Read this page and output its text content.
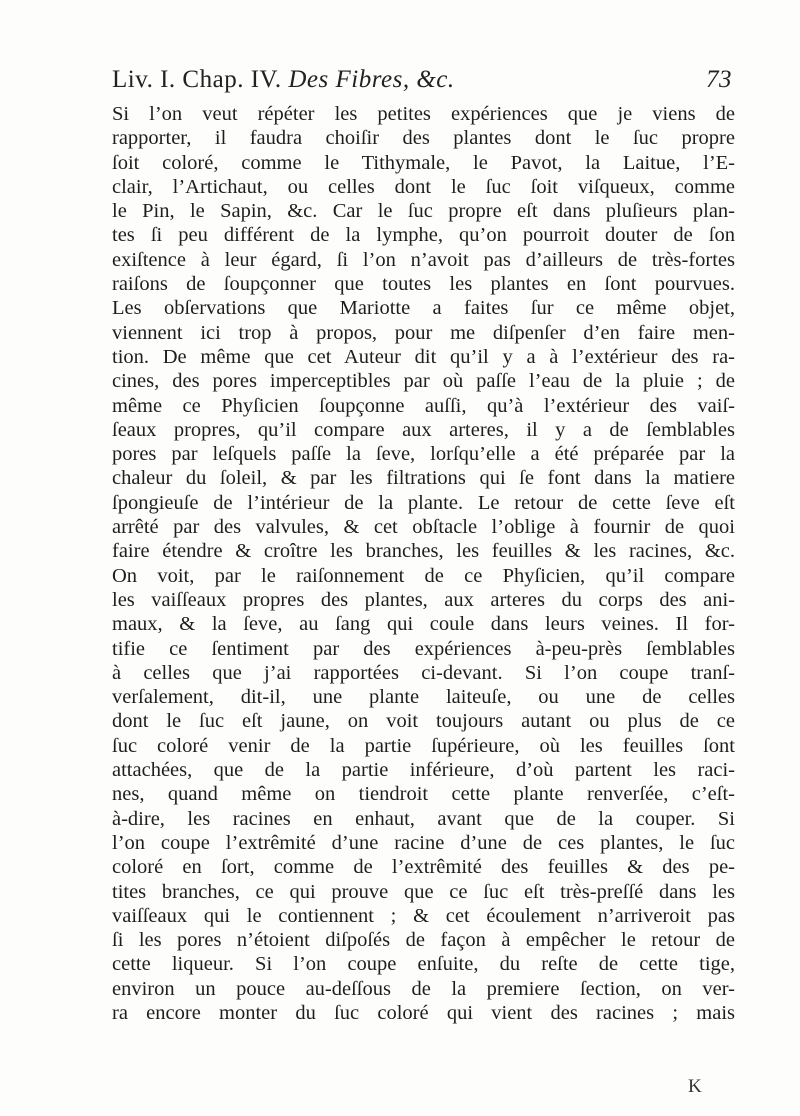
Liv. I. Chap. IV. Des Fibres, &c.	73
Si l’on veut répéter les petites expériences que je viens de
rapporter, il faudra choiſir des plantes dont le ſuc propre
ſoit coloré, comme le Tithymale, le Pavot, la Laitue, l’E-
clair, l’Artichaut, ou celles dont le ſuc ſoit viſqueux, comme
le Pin, le Sapin, &c. Car le ſuc propre eſt dans pluſieurs plan-
tes ſi peu différent de la lymphe, qu’on pourroit douter de ſon
exiſtence à leur égard, ſi l’on n’avoit pas d’ailleurs de très-fortes
raiſons de ſoupçonner que toutes les plantes en ſont pourvues.
Les obſervations que Mariotte a faites ſur ce même objet,
viennent ici trop à propos, pour me diſpenſer d’en faire men-
tion. De même que cet Auteur dit qu’il y a à l’extérieur des ra-
cines, des pores imperceptibles par où paſſe l’eau de la pluie ; de
même ce Phyſicien ſoupçonne auſſi, qu’à l’extérieur des vaiſ-
ſeaux propres, qu’il compare aux arteres, il y a de ſemblables
pores par leſquels paſſe la ſeve, lorſqu’elle a été préparée par la
chaleur du ſoleil, & par les filtrations qui ſe font dans la matiere
ſpongieuſe de l’intérieur de la plante. Le retour de cette ſeve eſt
arrêté par des valvules, & cet obſtacle l’oblige à fournir de quoi
faire étendre & croître les branches, les feuilles & les racines, &c.
On voit, par le raiſonnement de ce Phyſicien, qu’il compare
les vaiſſeaux propres des plantes, aux arteres du corps des ani-
maux, & la ſeve, au ſang qui coule dans leurs veines. Il for-
tifie ce ſentiment par des expériences à-peu-près ſemblables
à celles que j’ai rapportées ci-devant. Si l’on coupe tranſ-
verſalement, dit-il, une plante laiteuſe, ou une de celles
dont le ſuc eſt jaune, on voit toujours autant ou plus de ce
ſuc coloré venir de la partie ſupérieure, où les feuilles ſont
attachées, que de la partie inférieure, d’où partent les raci-
nes, quand même on tiendroit cette plante renverſée, c’eſt-
à-dire, les racines en enhaut, avant que de la couper. Si
l’on coupe l’extrêmité d’une racine d’une de ces plantes, le ſuc
coloré en ſort, comme de l’extrêmité des feuilles & des pe-
tites branches, ce qui prouve que ce ſuc eſt très-preſſé dans les
vaiſſeaux qui le contiennent ; & cet écoulement n’arriveroit pas
ſi les pores n’étoient diſpoſés de façon à empêcher le retour de
cette liqueur. Si l’on coupe enſuite, du reſte de cette tige,
environ un pouce au-deſſous de la premiere ſection, on ver-
ra encore monter du ſuc coloré qui vient des racines ; mais
K
